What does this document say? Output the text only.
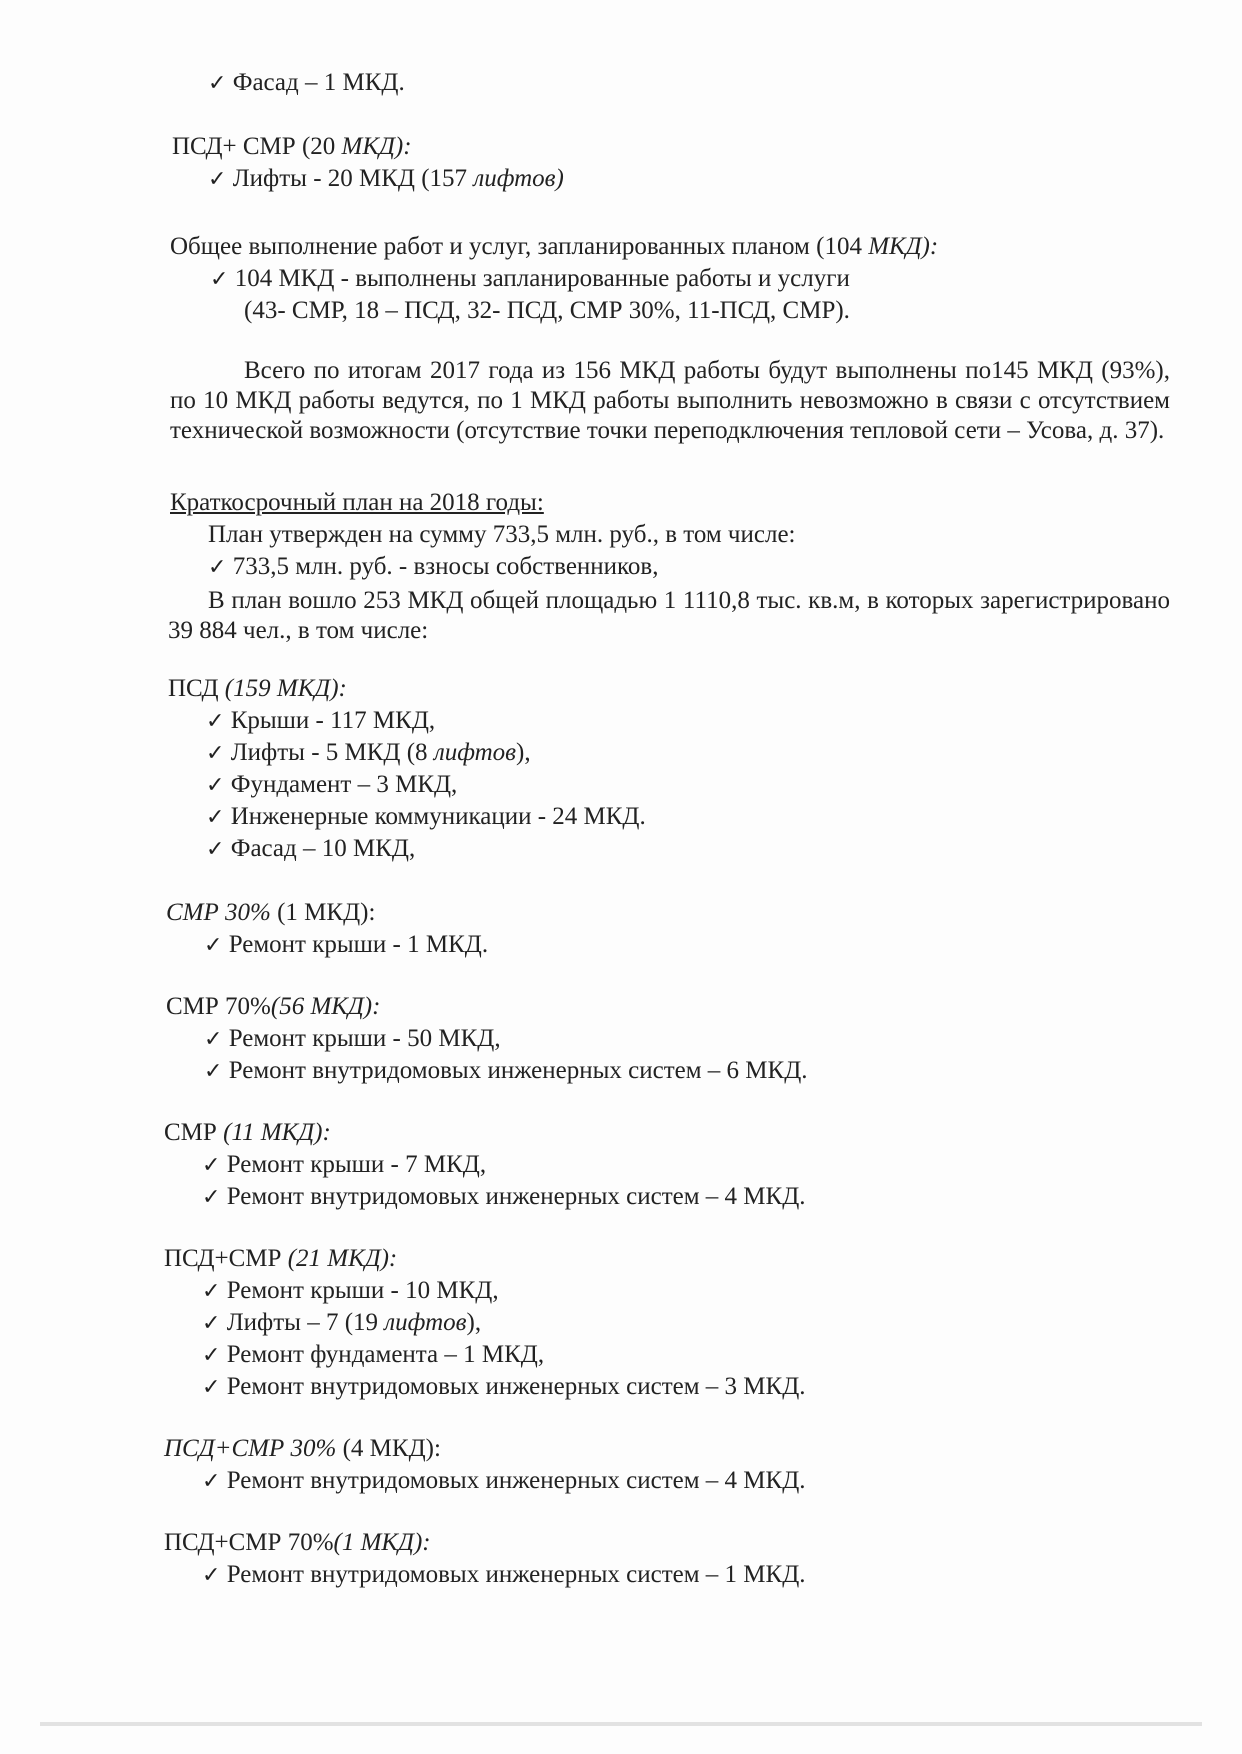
✓ Фасад – 1 МКД.
ПСД+ СМР (20 МКД):
✓ Лифты - 20 МКД (157 лифтов)
Общее выполнение работ и услуг, запланированных планом (104 МКД):
✓ 104 МКД - выполнены запланированные работы и услуги
(43- СМР, 18 – ПСД, 32- ПСД, СМР 30%, 11-ПСД, СМР).
Всего по итогам 2017 года из 156 МКД работы будут выполнены по145 МКД (93%), по 10 МКД работы ведутся, по 1 МКД работы выполнить невозможно в связи с отсутствием технической возможности (отсутствие точки переподключения тепловой сети – Усова, д. 37).
Краткосрочный план на 2018 годы:
План утвержден на сумму 733,5 млн. руб., в том числе:
✓ 733,5 млн. руб. - взносы собственников,
В план вошло 253 МКД общей площадью 1 1110,8 тыс. кв.м, в которых зарегистрировано 39 884 чел., в том числе:
ПСД (159 МКД):
✓ Крыши - 117 МКД,
✓ Лифты - 5 МКД (8 лифтов),
✓ Фундамент – 3 МКД,
✓ Инженерные коммуникации - 24 МКД.
✓ Фасад – 10 МКД,
СМР 30% (1 МКД):
✓ Ремонт крыши - 1 МКД.
СМР 70%(56 МКД):
✓ Ремонт крыши - 50 МКД,
✓ Ремонт внутридомовых инженерных систем – 6 МКД.
СМР (11 МКД):
✓ Ремонт крыши - 7 МКД,
✓ Ремонт внутридомовых инженерных систем – 4 МКД.
ПСД+СМР (21 МКД):
✓ Ремонт крыши - 10 МКД,
✓ Лифты – 7 (19 лифтов),
✓ Ремонт фундамента – 1 МКД,
✓ Ремонт внутридомовых инженерных систем – 3 МКД.
ПСД+СМР 30% (4 МКД):
✓ Ремонт внутридомовых инженерных систем – 4 МКД.
ПСД+СМР 70%(1 МКД):
✓ Ремонт внутридомовых инженерных систем – 1 МКД.
